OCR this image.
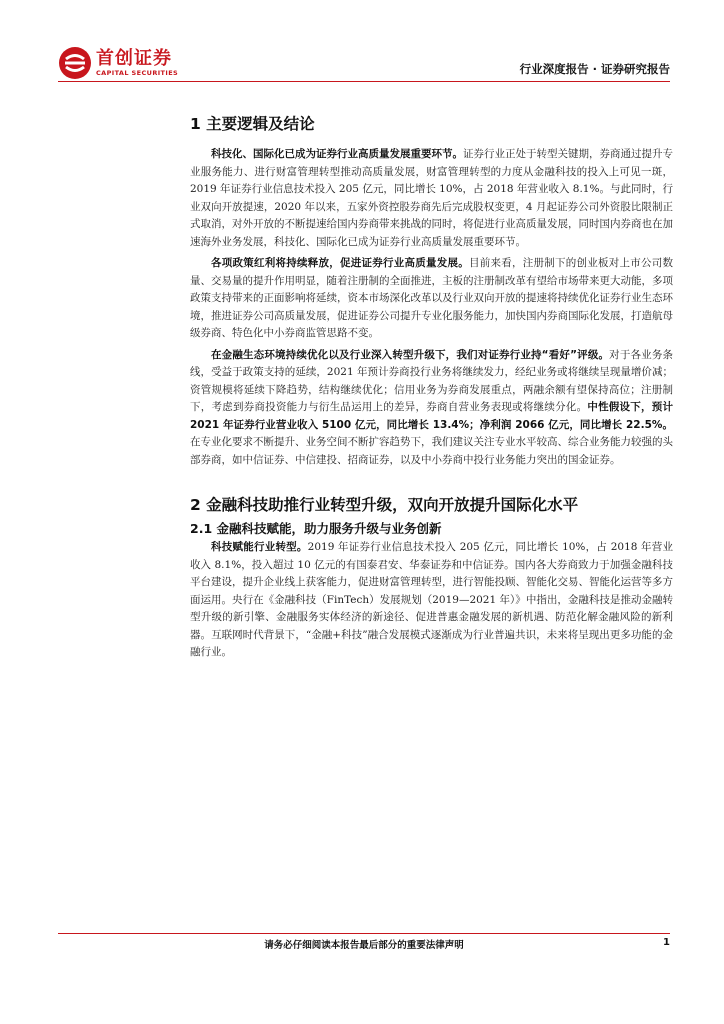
首创证券
CAPITAL SECURITIES	行业深度报告 · 证券研究报告
1 主要逻辑及结论

科技化、国际化已成为证券行业高质量发展重要环节。证券行业正处于转型关键期，券商通过提升专业服务能力、进行财富管理转型推动高质量发展，财富管理转型的力度从金融科技的投入上可见一斑，2019 年证券行业信息技术投入 205 亿元，同比增长 10%，占 2018 年营业收入 8.1%。与此同时，行业双向开放提速，2020 年以来，五家外资控股券商先后完成股权变更，4 月起证券公司外资股比限制正式取消，对外开放的不断提速给国内券商带来挑战的同时，将促进行业高质量发展，同时国内券商也在加速海外业务发展，科技化、国际化已成为证券行业高质量发展重要环节。

各项政策红利将持续释放，促进证券行业高质量发展。目前来看，注册制下的创业板对上市公司数量、交易量的提升作用明显，随着注册制的全面推进，主板的注册制改革有望给市场带来更大动能，多项政策支持带来的正面影响将延续，资本市场深化改革以及行业双向开放的提速将持续优化证券行业生态环境，推进证券公司高质量发展，促进证券公司提升专业化服务能力，加快国内券商国际化发展，打造航母级券商、特色化中小券商监管思路不变。

在金融生态环境持续优化以及行业深入转型升级下，我们对证券行业持“看好”评级。对于各业务条线，受益于政策支持的延续，2021 年预计券商投行业务将继续发力，经纪业务或将继续呈现量增价减；资管规模将延续下降趋势，结构继续优化；信用业务为券商发展重点，两融余额有望保持高位；注册制下，考虑到券商投资能力与衍生品运用上的差异，券商自营业务表现或将继续分化。中性假设下，预计 2021 年证券行业营业收入 5100 亿元，同比增长 13.4%；净利润 2066 亿元，同比增长 22.5%。在专业化要求不断提升、业务空间不断扩容趋势下，我们建议关注专业水平较高、综合业务能力较强的头部券商，如中信证券、中信建投、招商证券，以及中小券商中投行业务能力突出的国金证券。

2 金融科技助推行业转型升级，双向开放提升国际化水平
2.1 金融科技赋能，助力服务升级与业务创新

科技赋能行业转型。2019 年证券行业信息技术投入 205 亿元，同比增长 10%，占 2018 年营业收入 8.1%，投入超过 10 亿元的有国泰君安、华泰证券和中信证券。国内各大券商致力于加强金融科技平台建设，提升企业线上获客能力，促进财富管理转型，进行智能投顾、智能化交易、智能化运营等多方面运用。央行在《金融科技（FinTech）发展规划（2019—2021 年）》中指出，金融科技是推动金融转型升级的新引擎、金融服务实体经济的新途径、促进普惠金融发展的新机遇、防范化解金融风险的新利器。互联网时代背景下，“金融+科技”融合发展模式逐渐成为行业普遍共识，未来将呈现出更多功能的金融行业。

请务必仔细阅读本报告最后部分的重要法律声明	1
